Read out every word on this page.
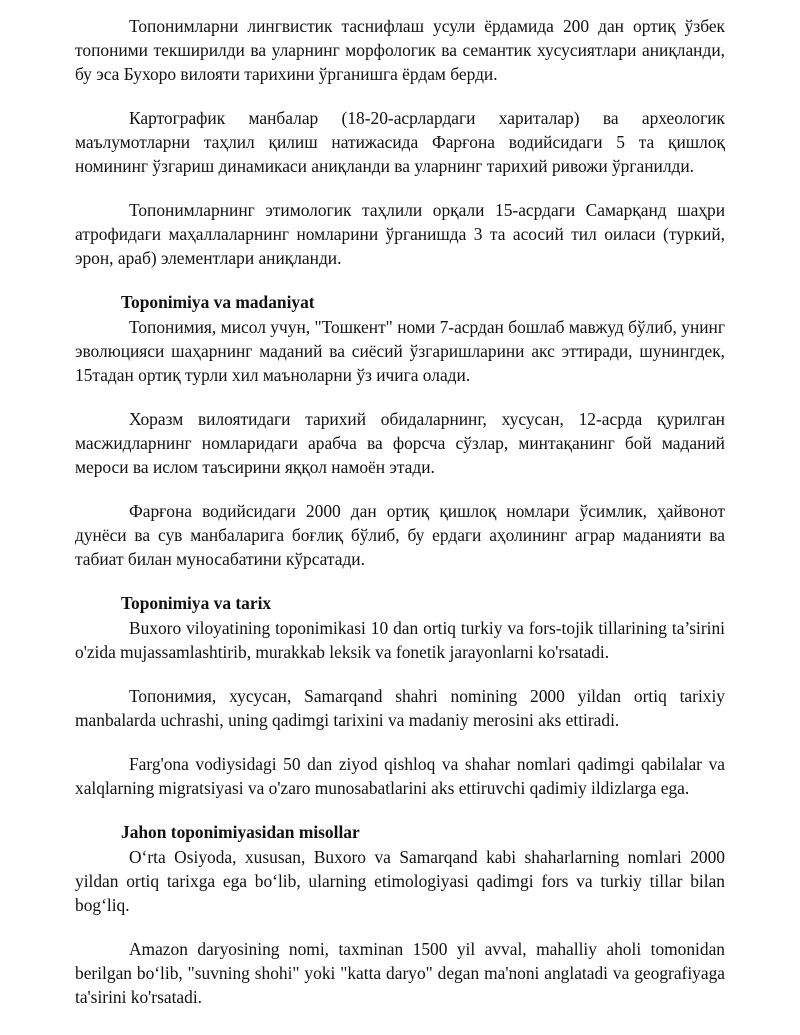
Топонимларни лингвистик таснифлаш усули ёрдамида 200 дан ортиқ ўзбек топоними текширилди ва уларнинг морфологик ва семантик хусусиятлари аниқланди, бу эса Бухоро вилояти тарихини ўрганишга ёрдам берди.

Картографик манбалар (18-20-асрлардаги хариталар) ва археологик маълумотларни таҳлил қилиш натижасида Фарғона водийсидаги 5 та қишлоқ номининг ўзгариш динамикаси аниқланди ва уларнинг тарихий ривожи ўрганилди.

Топонимларнинг этимологик таҳлили орқали 15-асрдаги Самарқанд шаҳри атрофидаги маҳаллаларнинг номларини ўрганишда 3 та асосий тил оиласи (туркий, эрон, араб) элементлари аниқланди.

Toponimiya va madaniyat

Топонимия, мисол учун, "Тошкент" номи 7-асрдан бошлаб мавжуд бўлиб, унинг эволюцияси шаҳарнинг маданий ва сиёсий ўзгаришларини акс эттиради, шунингдек, 15тадан ортиқ турли хил маъноларни ўз ичига олади.

Хоразм вилоятидаги тарихий обидаларнинг, хусусан, 12-асрда қурилган масжидларнинг номларидаги арабча ва форсча сўзлар, минтақанинг бой маданий мероси ва ислом таъсирини яққол намоён этади.

Фарғона водийсидаги 2000 дан ортиқ қишлоқ номлари ўсимлик, ҳайвонот дунёси ва сув манбаларига боғлиқ бўлиб, бу ердаги аҳолининг аграр маданияти ва табиат билан муносабатини кўрсатади.

Toponimiya va tarix

Buxoro viloyatining toponimikasi 10 dan ortiq turkiy va fors-tojik tillarining ta’sirini o'zida mujassamlashtirib, murakkab leksik va fonetik jarayonlarni ko'rsatadi.

Топонимия, хусусан, Samarqand shahri nomining 2000 yildan ortiq tarixiy manbalarda uchrashi, uning qadimgi tarixini va madaniy merosini aks ettiradi.

Farg'ona vodiysidagi 50 dan ziyod qishloq va shahar nomlari qadimgi qabilalar va xalqlarning migratsiyasi va o'zaro munosabatlarini aks ettiruvchi qadimiy ildizlarga ega.

Jahon toponimiyasidan misollar

O‘rta Osiyoda, xususan, Buxoro va Samarqand kabi shaharlarning nomlari 2000 yildan ortiq tarixga ega bo‘lib, ularning etimologiyasi qadimgi fors va turkiy tillar bilan bog‘liq.

Amazon daryosining nomi, taxminan 1500 yil avval, mahalliy aholi tomonidan berilgan bo‘lib, "suvning shohi" yoki "katta daryo" degan ma'noni anglatadi va geografiyaga ta'sirini ko'rsatadi.
